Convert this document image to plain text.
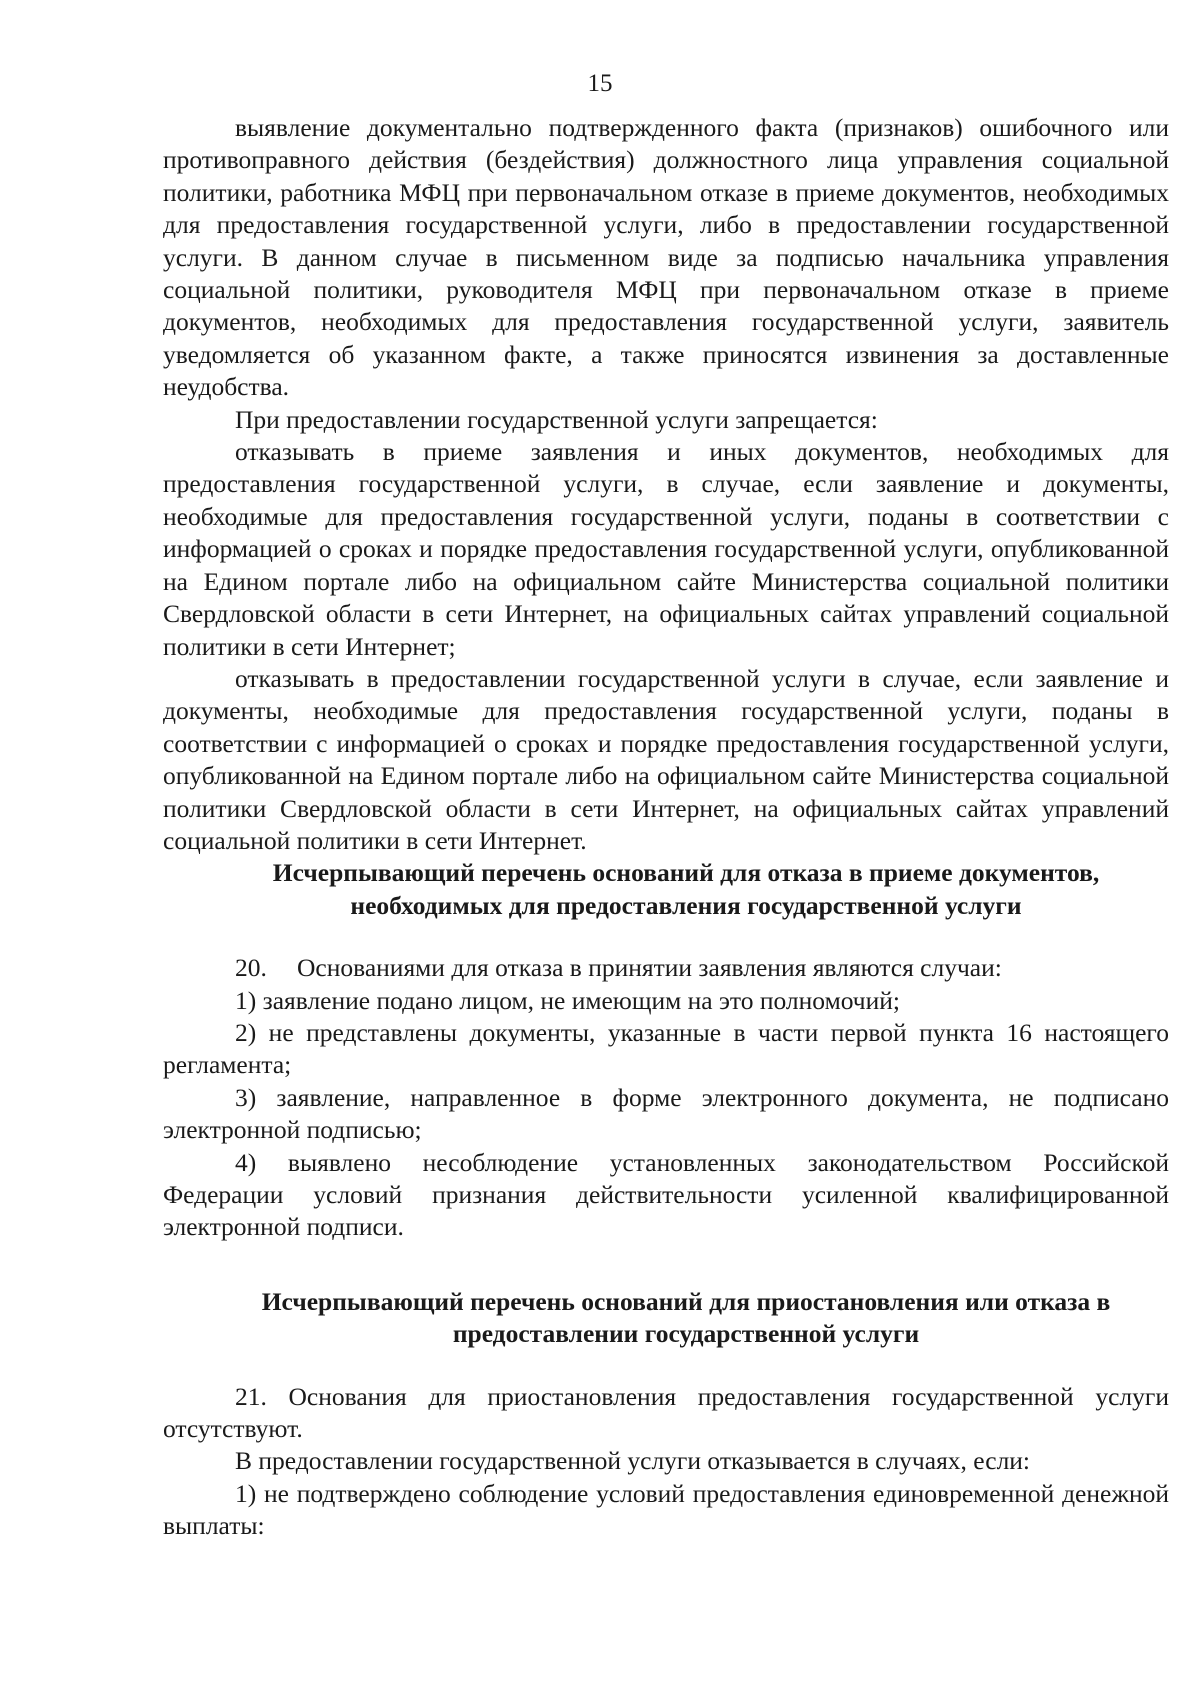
15

выявление документально подтвержденного факта (признаков) ошибочного или противоправного действия (бездействия) должностного лица управления социальной политики, работника МФЦ при первоначальном отказе в приеме документов, необходимых для предоставления государственной услуги, либо в предоставлении государственной услуги. В данном случае в письменном виде за подписью начальника управления социальной политики, руководителя МФЦ при первоначальном отказе в приеме документов, необходимых для предоставления государственной услуги, заявитель уведомляется об указанном факте, а также приносятся извинения за доставленные неудобства.

При предоставлении государственной услуги запрещается:

отказывать в приеме заявления и иных документов, необходимых для предоставления государственной услуги, в случае, если заявление и документы, необходимые для предоставления государственной услуги, поданы в соответствии с информацией о сроках и порядке предоставления государственной услуги, опубликованной на Едином портале либо на официальном сайте Министерства социальной политики Свердловской области в сети Интернет, на официальных сайтах управлений социальной политики в сети Интернет;

отказывать в предоставлении государственной услуги в случае, если заявление и документы, необходимые для предоставления государственной услуги, поданы в соответствии с информацией о сроках и порядке предоставления государственной услуги, опубликованной на Едином портале либо на официальном сайте Министерства социальной политики Свердловской области в сети Интернет, на официальных сайтах управлений социальной политики в сети Интернет.

Исчерпывающий перечень оснований для отказа в приеме документов, необходимых для предоставления государственной услуги

20. Основаниями для отказа в принятии заявления являются случаи:

1) заявление подано лицом, не имеющим на это полномочий;

2) не представлены документы, указанные в части первой пункта 16 настоящего регламента;

3) заявление, направленное в форме электронного документа, не подписано электронной подписью;

4) выявлено несоблюдение установленных законодательством Российской Федерации условий признания действительности усиленной квалифицированной электронной подписи.

Исчерпывающий перечень оснований для приостановления или отказа в предоставлении государственной услуги

21. Основания для приостановления предоставления государственной услуги отсутствуют.

В предоставлении государственной услуги отказывается в случаях, если:

1) не подтверждено соблюдение условий предоставления единовременной денежной выплаты:
